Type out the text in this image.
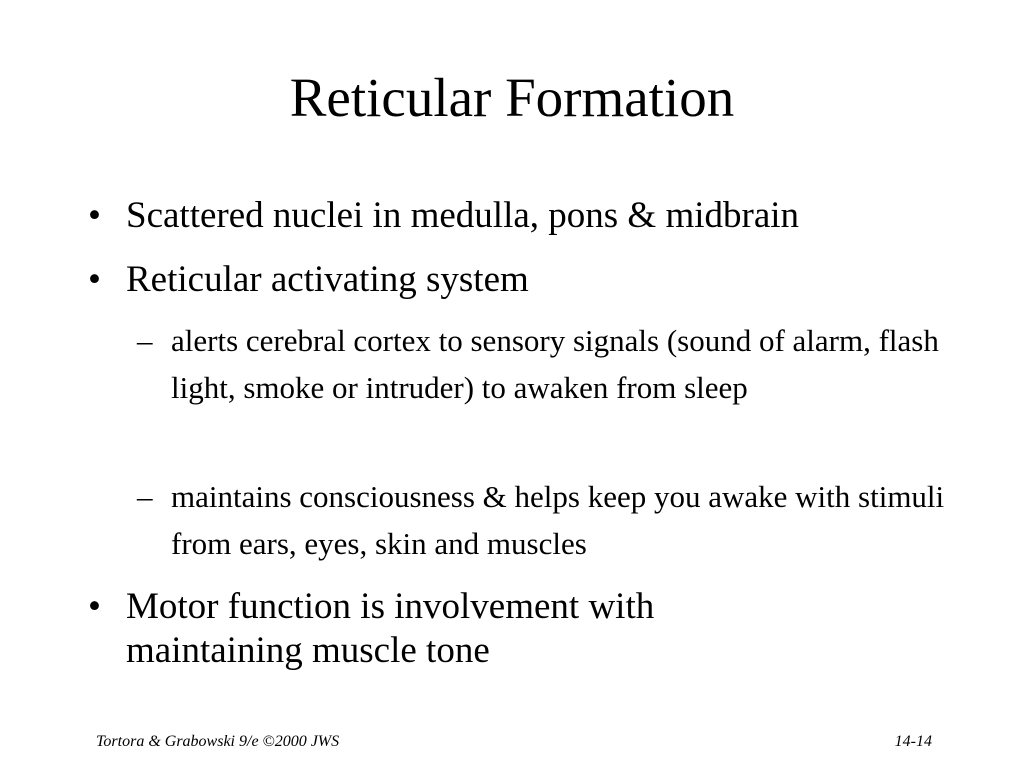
Reticular Formation
• Scattered nuclei in medulla, pons & midbrain
• Reticular activating system
– alerts cerebral cortex to sensory signals (sound of alarm, flash light, smoke or intruder) to awaken from sleep
– maintains consciousness & helps keep you awake with stimuli from ears, eyes, skin and muscles
• Motor function is involvement with maintaining muscle tone
Tortora & Grabowski 9/e ©2000 JWS	14-14
